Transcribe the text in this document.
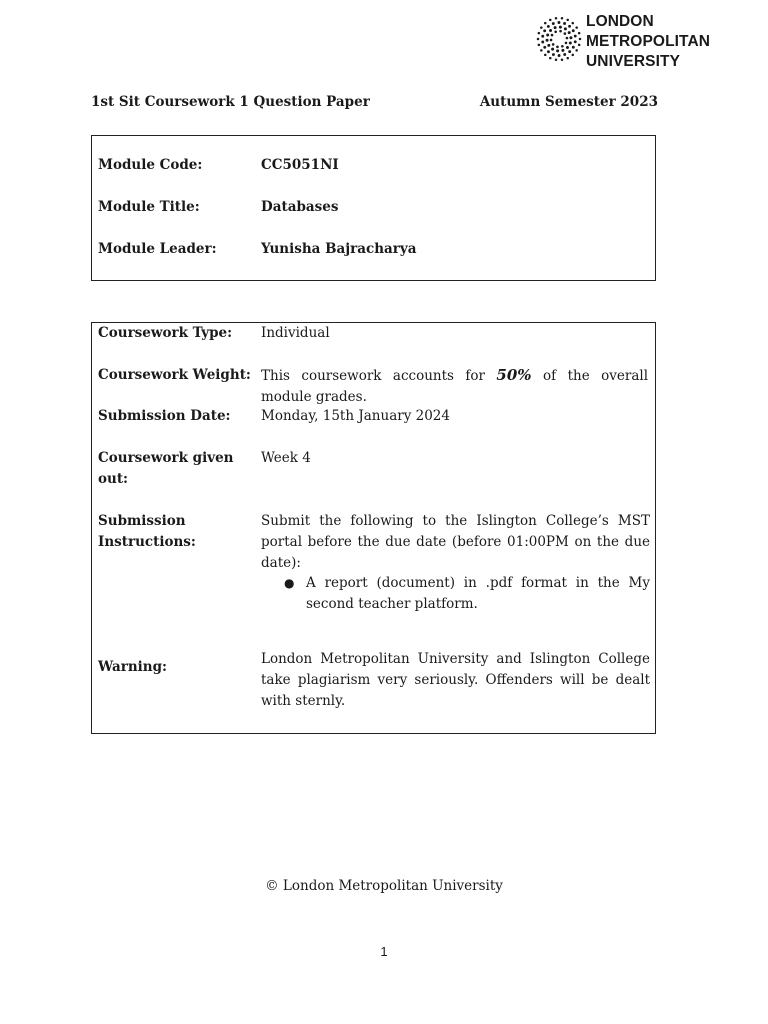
LONDON
METROPOLITAN
UNIVERSITY
1st Sit Coursework 1 Question Paper	Autumn Semester 2023
Module Code:	CC5051NI
Module Title:	Databases
Module Leader:	Yunisha Bajracharya
Coursework Type: Individual
Coursework Weight: This coursework accounts for 50% of the overall module grades.
Submission Date: Monday, 15th January 2024
Coursework given
out:
Week 4
Submission
Instructions:
Submit the following to the Islington College’s MST portal before the due date (before 01:00PM on the due date):
● A report (document) in .pdf format in the My second teacher platform.
Warning:	London Metropolitan University and Islington College take plagiarism very seriously. Offenders will be dealt with sternly.
© London Metropolitan University
1
